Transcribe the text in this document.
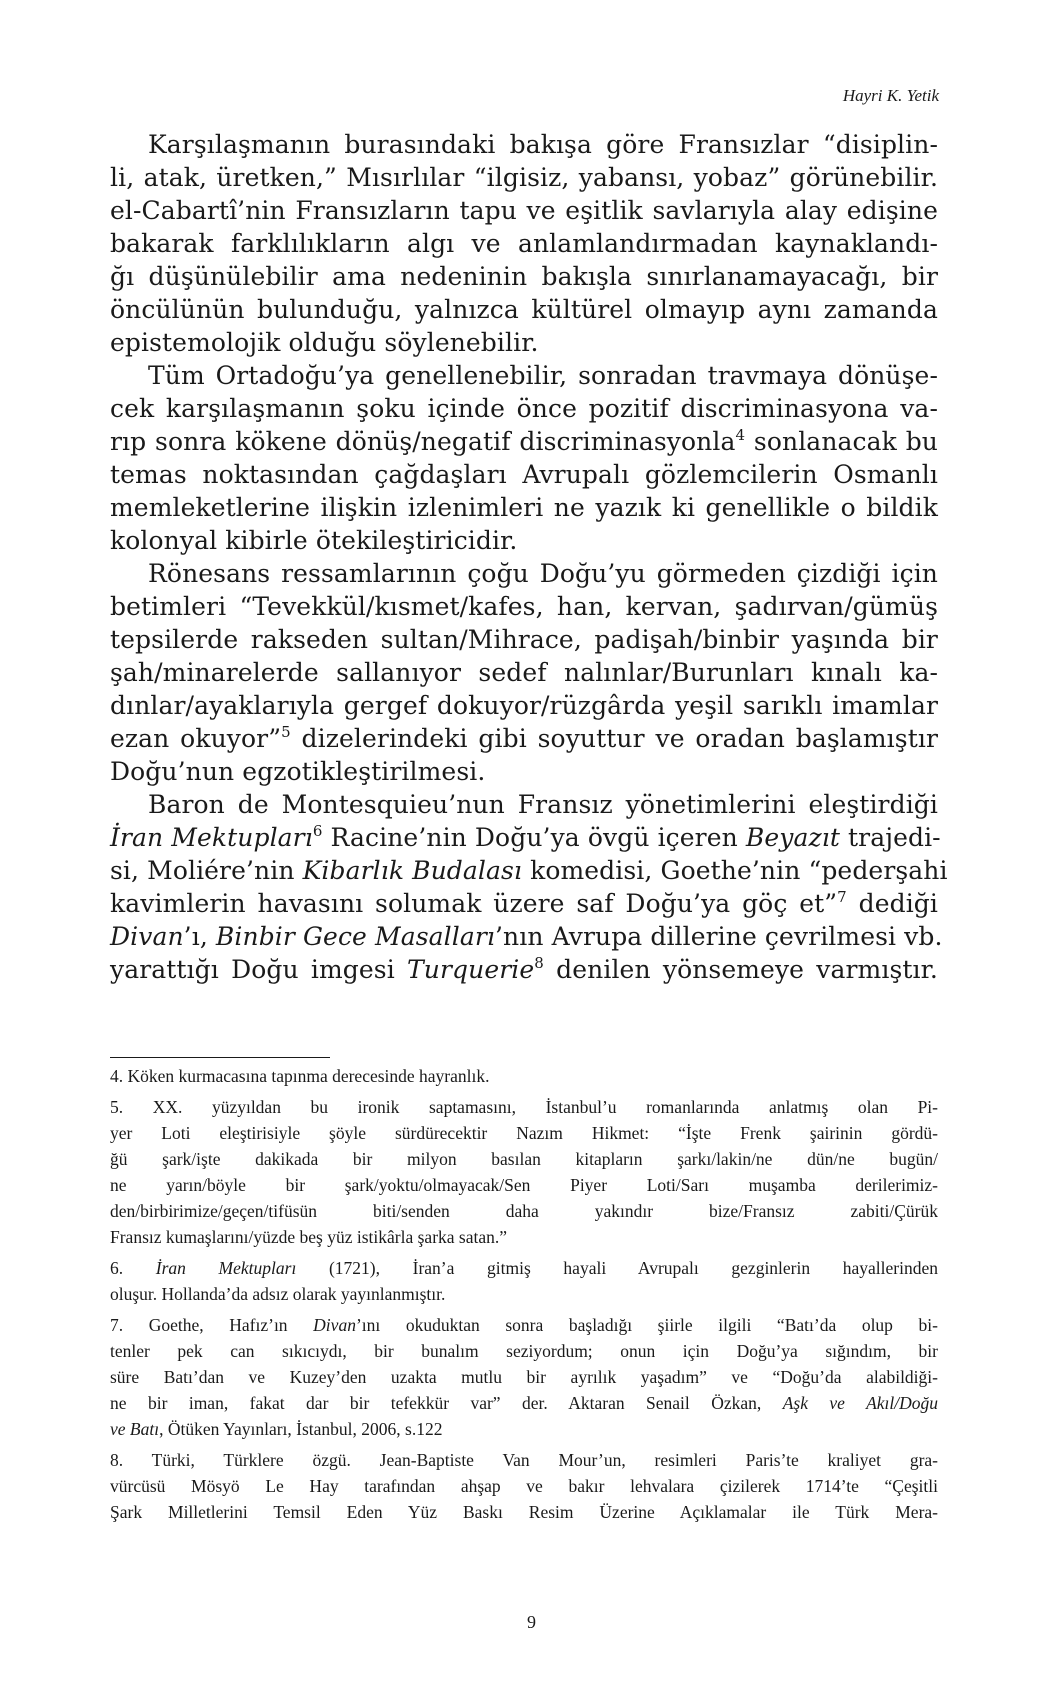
Hayri K. Yetik
Karşılaşmanın burasındaki bakışa göre Fransızlar “disiplin-
li, atak, üretken,” Mısırlılar “ilgisiz, yabansı, yobaz” görünebilir.
el-Cabartî’nin Fransızların tapu ve eşitlik savlarıyla alay edişine
bakarak farklılıkların algı ve anlamlandırmadan kaynaklandı-
ğı düşünülebilir ama nedeninin bakışla sınırlanamayacağı, bir
öncülünün bulunduğu, yalnızca kültürel olmayıp aynı zamanda
epistemolojik olduğu söylenebilir.
Tüm Ortadoğu’ya genellenebilir, sonradan travmaya dönüşe-
cek karşılaşmanın şoku içinde önce pozitif discriminasyona va-
rıp sonra kökene dönüş/negatif discriminasyonla$^4$ sonlanacak bu
temas noktasından çağdaşları Avrupalı gözlemcilerin Osmanlı
memleketlerine ilişkin izlenimleri ne yazık ki genellikle o bildik
kolonyal kibirle ötekileştiricidir.
Rönesans ressamlarının çoğu Doğu’yu görmeden çizdiği için
betimleri “Tevekkül/kısmet/kafes, han, kervan, şadırvan/gümüş
tepsilerde rakseden sultan/Mihrace, padişah/binbir yaşında bir
şah/minarelerde sallanıyor sedef nalınlar/Burunları kınalı ka-
dınlar/ayaklarıyla gergef dokuyor/rüzgârda yeşil sarıklı imamlar
ezan okuyor”$^5$ dizelerindeki gibi soyuttur ve oradan başlamıştır
Doğu’nun egzotikleştirilmesi.
Baron de Montesquieu’nun Fransız yönetimlerini eleştirdiği
İran Mektupları$^6$ Racine’nin Doğu’ya övgü içeren Beyazıt trajedi-
si, Moliére’nin Kibarlık Budalası komedisi, Goethe’nin “pederşahi
kavimlerin havasını solumak üzere saf Doğu’ya göç et”$^7$ dediği
Divan’ı, Binbir Gece Masalları’nın Avrupa dillerine çevrilmesi vb.
yarattığı Doğu imgesi Turquerie$^8$ denilen yönsemeye varmıştır.
4. Köken kurmacasına tapınma derecesinde hayranlık.
5. XX. yüzyıldan bu ironik saptamasını, İstanbul’u romanlarında anlatmış olan Pi-
yer Loti eleştirisiyle şöyle sürdürecektir Nazım Hikmet: “İşte Frenk şairinin gördü-
ğü şark/işte dakikada bir milyon basılan kitapların şarkı/lakin/ne dün/ne bugün/
ne yarın/böyle bir şark/yoktu/olmayacak/Sen Piyer Loti/Sarı muşamba derilerimiz-
den/birbirimize/geçen/tifüsün biti/senden daha yakındır bize/Fransız zabiti/Çürük
Fransız kumaşlarını/yüzde beş yüz istikârla şarka satan.”
6. İran Mektupları (1721), İran’a gitmiş hayali Avrupalı gezginlerin hayallerinden
oluşur. Hollanda’da adsız olarak yayınlanmıştır.
7. Goethe, Hafız’ın Divan’ını okuduktan sonra başladığı şiirle ilgili “Batı’da olup bi-
tenler pek can sıkıcıydı, bir bunalım seziyordum; onun için Doğu’ya sığındım, bir
süre Batı’dan ve Kuzey’den uzakta mutlu bir ayrılık yaşadım” ve “Doğu’da alabildiği-
ne bir iman, fakat dar bir tefekkür var” der. Aktaran Senail Özkan, Aşk ve Akıl/Doğu
ve Batı, Ötüken Yayınları, İstanbul, 2006, s.122
8. Türki, Türklere özgü. Jean-Baptiste Van Mour’un, resimleri Paris’te kraliyet gra-
vürcüsü Mösyö Le Hay tarafından ahşap ve bakır lehvalara çizilerek 1714’te “Çeşitli
Şark Milletlerini Temsil Eden Yüz Baskı Resim Üzerine Açıklamalar ile Türk Mera-
9
